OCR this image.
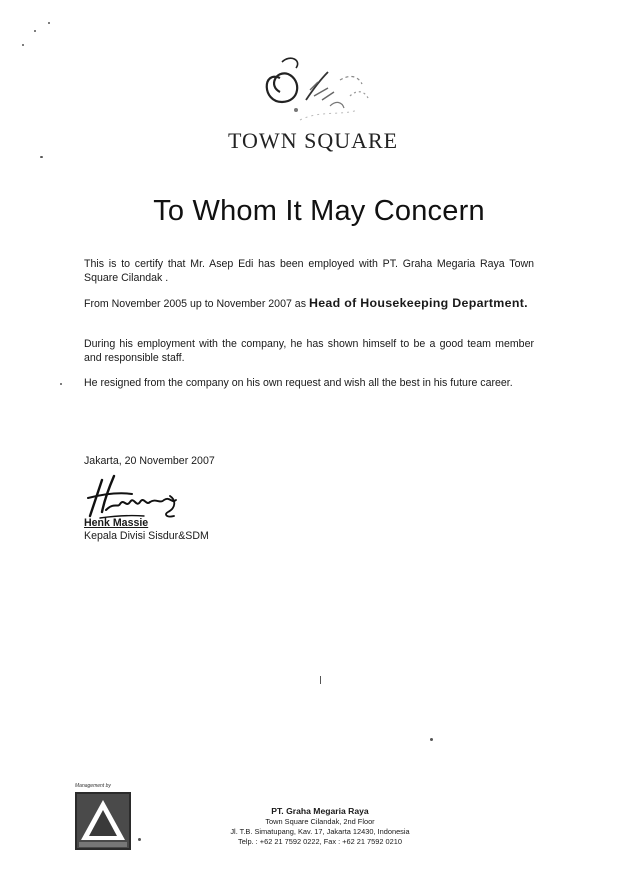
TOWN SQUARE
To Whom It May Concern
This is to certify that Mr. Asep Edi has been employed with PT. Graha Megaria Raya Town Square Cilandak .
From November 2005 up to November 2007 as Head of Housekeeping Department.
During his employment with the company, he has shown himself to be a good team member and responsible staff.
He resigned from the company on his own request and wish all the best in his future career.
Jakarta, 20 November 2007
Henk Massie
Kepala Divisi Sisdur&SDM
Management by
PT. Graha Megaria Raya
Town Square Cilandak, 2nd Floor
Jl. T.B. Simatupang, Kav. 17, Jakarta 12430, Indonesia
Telp. : +62 21 7592 0222, Fax : +62 21 7592 0210
